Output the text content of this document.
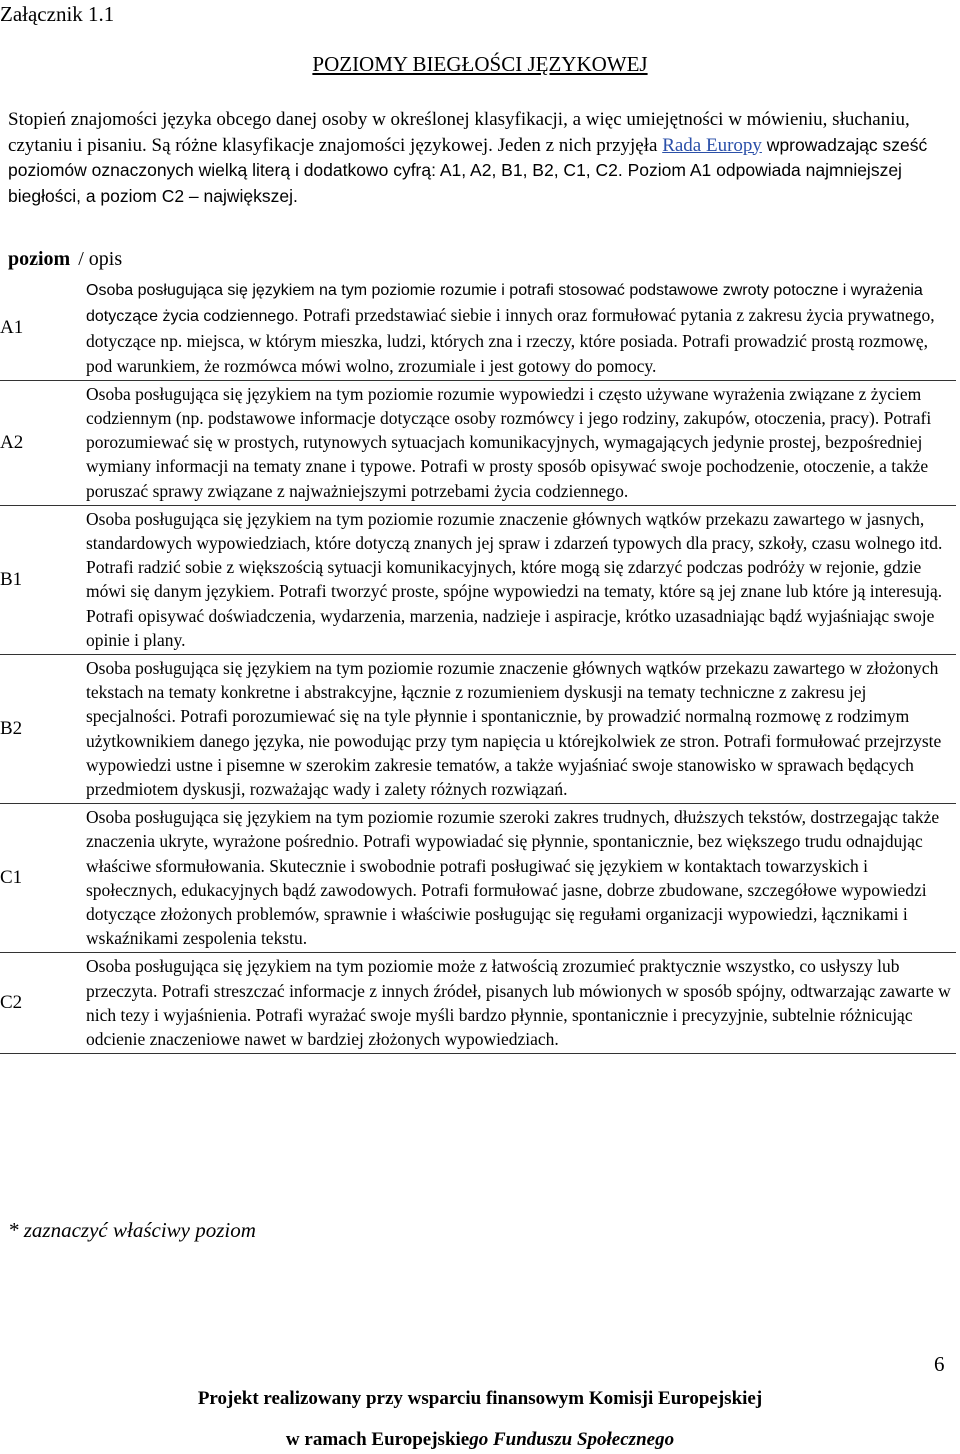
Załącznik 1.1
POZIOMY BIEGŁOŚCI JĘZYKOWEJ
Stopień znajomości języka obcego danej osoby w określonej klasyfikacji, a więc umiejętności w mówieniu, słuchaniu, czytaniu i pisaniu. Są różne klasyfikacje znajomości językowej. Jeden z nich przyjęła Rada Europy wprowadzając sześć poziomów oznaczonych wielką literą i dodatkowo cyfrą: A1, A2, B1, B2, C1, C2. Poziom A1 odpowiada najmniejszej biegłości, a poziom C2 – największej.
poziom / opis
A1
Osoba posługująca się językiem na tym poziomie rozumie i potrafi stosować podstawowe zwroty potoczne i wyrażenia dotyczące życia codziennego. Potrafi przedstawiać siebie i innych oraz formułować pytania z zakresu życia prywatnego, dotyczące np. miejsca, w którym mieszka, ludzi, których zna i rzeczy, które posiada. Potrafi prowadzić prostą rozmowę, pod warunkiem, że rozmówca mówi wolno, zrozumiale i jest gotowy do pomocy.
A2
Osoba posługująca się językiem na tym poziomie rozumie wypowiedzi i często używane wyrażenia związane z życiem codziennym (np. podstawowe informacje dotyczące osoby rozmówcy i jego rodziny, zakupów, otoczenia, pracy). Potrafi porozumiewać się w prostych, rutynowych sytuacjach komunikacyjnych, wymagających jedynie prostej, bezpośredniej wymiany informacji na tematy znane i typowe. Potrafi w prosty sposób opisywać swoje pochodzenie, otoczenie, a także poruszać sprawy związane z najważniejszymi potrzebami życia codziennego.
B1
Osoba posługująca się językiem na tym poziomie rozumie znaczenie głównych wątków przekazu zawartego w jasnych, standardowych wypowiedziach, które dotyczą znanych jej spraw i zdarzeń typowych dla pracy, szkoły, czasu wolnego itd. Potrafi radzić sobie z większością sytuacji komunikacyjnych, które mogą się zdarzyć podczas podróży w rejonie, gdzie mówi się danym językiem. Potrafi tworzyć proste, spójne wypowiedzi na tematy, które są jej znane lub które ją interesują. Potrafi opisywać doświadczenia, wydarzenia, marzenia, nadzieje i aspiracje, krótko uzasadniając bądź wyjaśniając swoje opinie i plany.
B2
Osoba posługująca się językiem na tym poziomie rozumie znaczenie głównych wątków przekazu zawartego w złożonych tekstach na tematy konkretne i abstrakcyjne, łącznie z rozumieniem dyskusji na tematy techniczne z zakresu jej specjalności. Potrafi porozumiewać się na tyle płynnie i spontanicznie, by prowadzić normalną rozmowę z rodzimym użytkownikiem danego języka, nie powodując przy tym napięcia u którejkolwiek ze stron. Potrafi formułować przejrzyste wypowiedzi ustne i pisemne w szerokim zakresie tematów, a także wyjaśniać swoje stanowisko w sprawach będących przedmiotem dyskusji, rozważając wady i zalety różnych rozwiązań.
C1
Osoba posługująca się językiem na tym poziomie rozumie szeroki zakres trudnych, dłuższych tekstów, dostrzegając także znaczenia ukryte, wyrażone pośrednio. Potrafi wypowiadać się płynnie, spontanicznie, bez większego trudu odnajdując właściwe sformułowania. Skutecznie i swobodnie potrafi posługiwać się językiem w kontaktach towarzyskich i społecznych, edukacyjnych bądź zawodowych. Potrafi formułować jasne, dobrze zbudowane, szczegółowe wypowiedzi dotyczące złożonych problemów, sprawnie i właściwie posługując się regułami organizacji wypowiedzi, łącznikami i wskaźnikami zespolenia tekstu.
C2
Osoba posługująca się językiem na tym poziomie może z łatwością zrozumieć praktycznie wszystko, co usłyszy lub przeczyta. Potrafi streszczać informacje z innych źródeł, pisanych lub mówionych w sposób spójny, odtwarzając zawarte w nich tezy i wyjaśnienia. Potrafi wyrażać swoje myśli bardzo płynnie, spontanicznie i precyzyjnie, subtelnie różnicując odcienie znaczeniowe nawet w bardziej złożonych wypowiedziach.
* zaznaczyć właściwy poziom
6
Projekt realizowany przy wsparciu finansowym Komisji Europejskiej
w ramach Europejskiego Funduszu Społecznego
